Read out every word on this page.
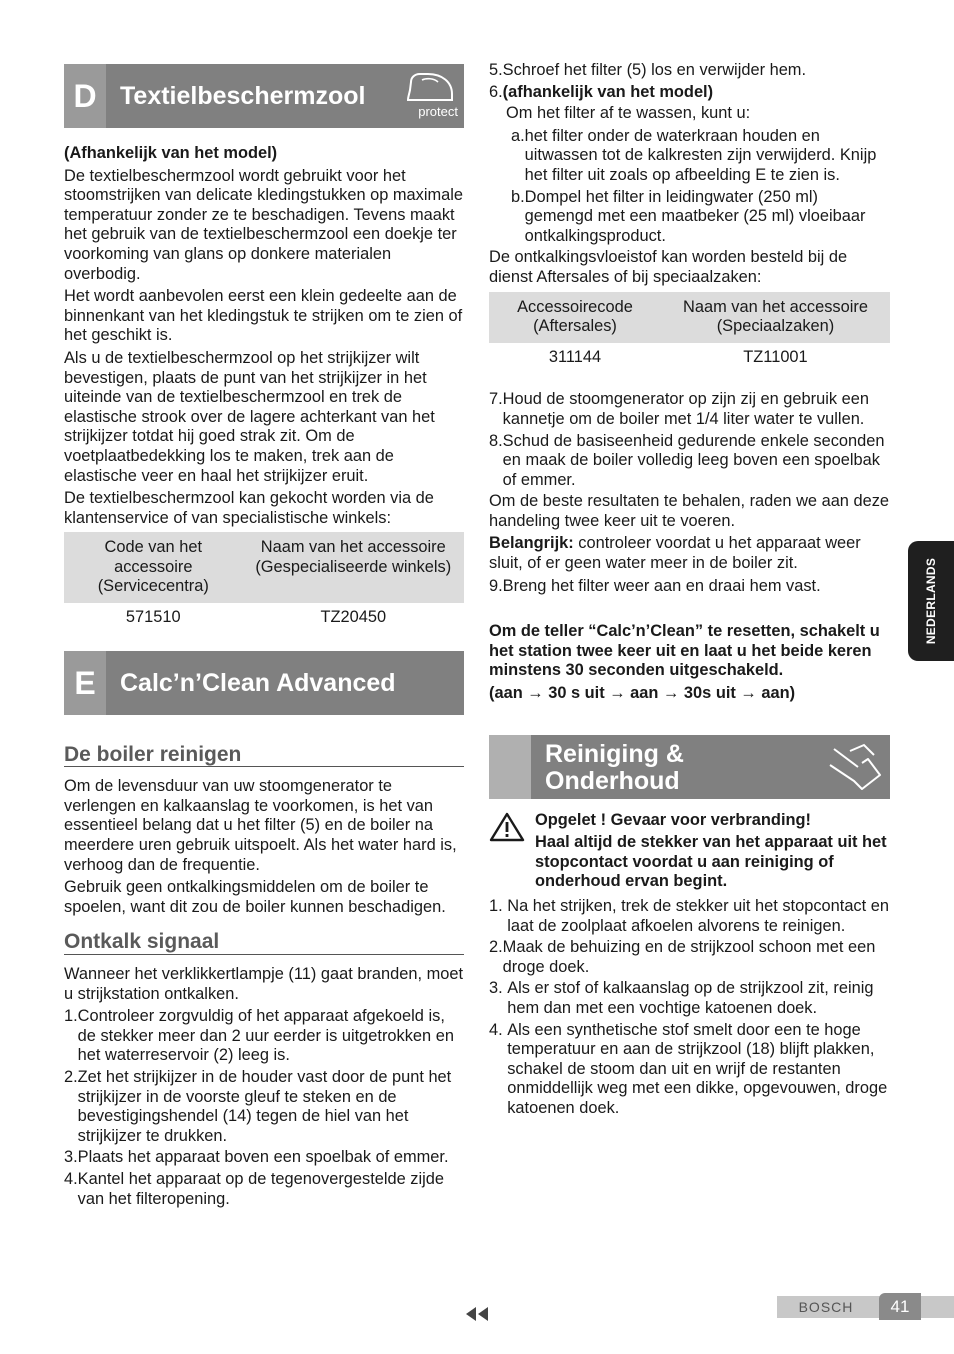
D Textielbeschermzool
protect

(Afhankelijk van het model)

De textielbeschermzool wordt gebruikt voor het stoomstrijken van delicate kledingstukken op maximale temperatuur zonder ze te beschadigen. Tevens maakt het gebruik van de textielbeschermzool een doekje ter voorkoming van glans op donkere materialen overbodig.

Het wordt aanbevolen eerst een klein gedeelte aan de binnenkant van het kledingstuk te strijken om te zien of het geschikt is.

Als u de textielbeschermzool op het strijkijzer wilt bevestigen, plaats de punt van het strijkijzer in het uiteinde van de textielbeschermzool en trek de elastische strook over de lagere achterkant van het strijkijzer totdat hij goed strak zit. Om de voetplaatbedekking los te maken, trek aan de elastische veer en haal het strijkijzer eruit.

De textielbeschermzool kan gekocht worden via de klantenservice of van specialistische winkels:

Code van het accessoire (Servicecentra)	Naam van het accessoire (Gespecialiseerde winkels)
571510	TZ20450
E Calc’n’Clean Advanced
De boiler reinigen

Om de levensduur van uw stoomgenerator te verlengen en kalkaanslag te voorkomen, is het van essentieel belang dat u het filter (5) en de boiler na meerdere uren gebruik uitspoelt. Als het water hard is, verhoog dan de frequentie.

Gebruik geen ontkalkingsmiddelen om de boiler te spoelen, want dit zou de boiler kunnen beschadigen.

Ontkalk signaal

Wanneer het verklikkertlampje (11) gaat branden, moet u strijkstation ontkalken.

1. Controleer zorgvuldig of het apparaat afgekoeld is, de stekker meer dan 2 uur eerder is uitgetrokken en het waterreservoir (2) leeg is.
2. Zet het strijkijzer in de houder vast door de punt het strijkijzer in de voorste gleuf te steken en de bevestigingshendel (14) tegen de hiel van het strijkijzer te drukken.
3. Plaats het apparaat boven een spoelbak of emmer.
4. Kantel het apparaat op de tegenovergestelde zijde van het filteropening.
5. Schroef het filter (5) los en verwijder hem.
6. (afhankelijk van het model)

Om het filter af te wassen, kunt u:

a. het filter onder de waterkraan houden en uitwassen tot de kalkresten zijn verwijderd. Knijp het filter uit zoals op afbeelding E te zien is.
b. Dompel het filter in leidingwater (250 ml) gemengd met een maatbeker (25 ml) vloeibaar ontkalkingsproduct.

De ontkalkingsvloeistof kan worden besteld bij de dienst Aftersales of bij speciaalzaken:

Accessoirecode (Aftersales)	Naam van het accessoire (Speciaalzaken)
311144	TZ11001
7. Houd de stoomgenerator op zijn zij en gebruik een kannetje om de boiler met 1/4 liter water te vullen.
8. Schud de basiseenheid gedurende enkele seconden en maak de boiler volledig leeg boven een spoelbak of emmer.

Om de beste resultaten te behalen, raden we aan deze handeling twee keer uit te voeren.

Belangrijk: controleer voordat u het apparaat weer sluit, of er geen water meer in de boiler zit.

9. Breng het filter weer aan en draai hem vast.

Om de teller “Calc’n’Clean” te resetten, schakelt u het station twee keer uit en laat u het beide keren minstens 30 seconden uitgeschakeld.

(aan → 30 s uit → aan → 30s uit → aan)

Reiniging &
Onderhoud

Opgelet ! Gevaar voor verbranding!

Haal altijd de stekker van het apparaat uit het stopcontact voordat u aan reiniging of onderhoud ervan begint.

1. Na het strijken, trek de stekker uit het stopcontact en laat de zoolplaat afkoelen alvorens te reinigen.
2. Maak de behuizing en de strijkzool schoon met een droge doek.
3. Als er stof of kalkaanslag op de strijkzool zit, reinig hem dan met een vochtige katoenen doek.
4. Als een synthetische stof smelt door een te hoge temperatuur en aan de strijkzool (18) blijft plakken, schakel de stoom dan uit en wrijf de restanten onmiddellijk weg met een dikke, opgevouwen, droge katoenen doek.
NEDERLANDS
BOSCH	41
